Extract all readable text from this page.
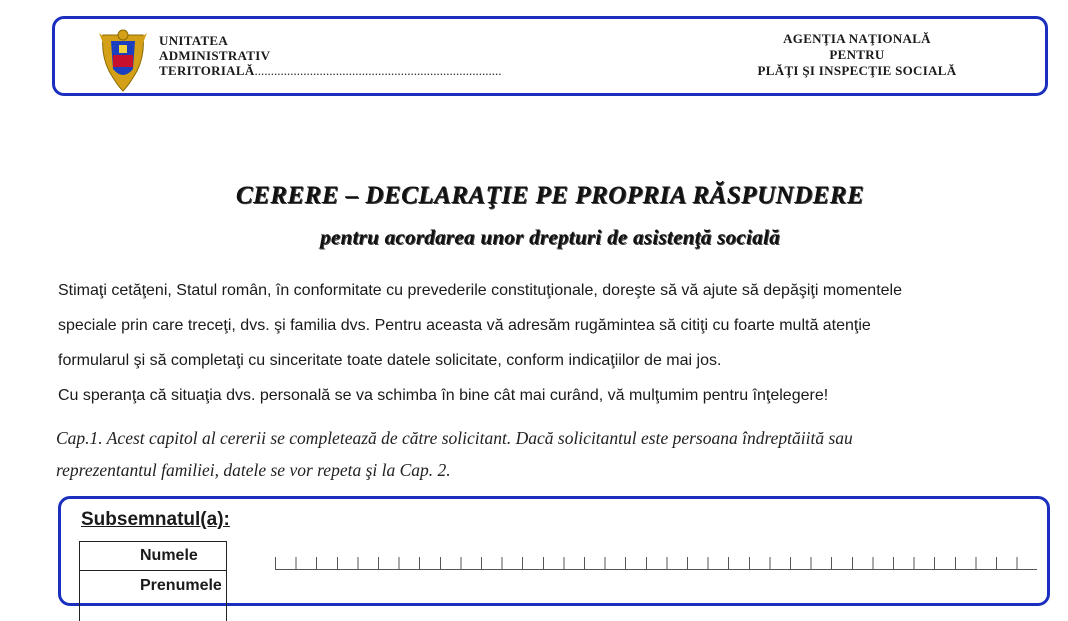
UNITATEA
ADMINISTRATIV
TERITORIALĂ............................................................................
AGENŢIA NAŢIONALĂ
PENTRU
PLĂŢI ŞI INSPECŢIE SOCIALĂ
CERERE – DECLARAŢIE PE PROPRIA RĂSPUNDERE
pentru acordarea unor drepturi de asistenţă socială
Stimaţi cetăţeni, Statul român, în conformitate cu prevederile constituţionale, doreşte să vă ajute să depăşiţi momentele
speciale prin care treceţi, dvs. şi familia dvs. Pentru aceasta vă adresăm rugămintea să citiţi cu foarte multă atenţie
formularul şi să completaţi cu sinceritate toate datele solicitate, conform indicaţiilor de mai jos.
Cu speranţa că situaţia dvs. personală se va schimba în bine cât mai curând, vă mulţumim pentru înţelegere!
Cap.1. Acest capitol al cererii se completează de către solicitant. Dacă solicitantul este persoana îndreptăiită sau
reprezentantul familiei, datele se vor repeta şi la Cap. 2.
Subsemnatul(a):
Numele
Prenumele
